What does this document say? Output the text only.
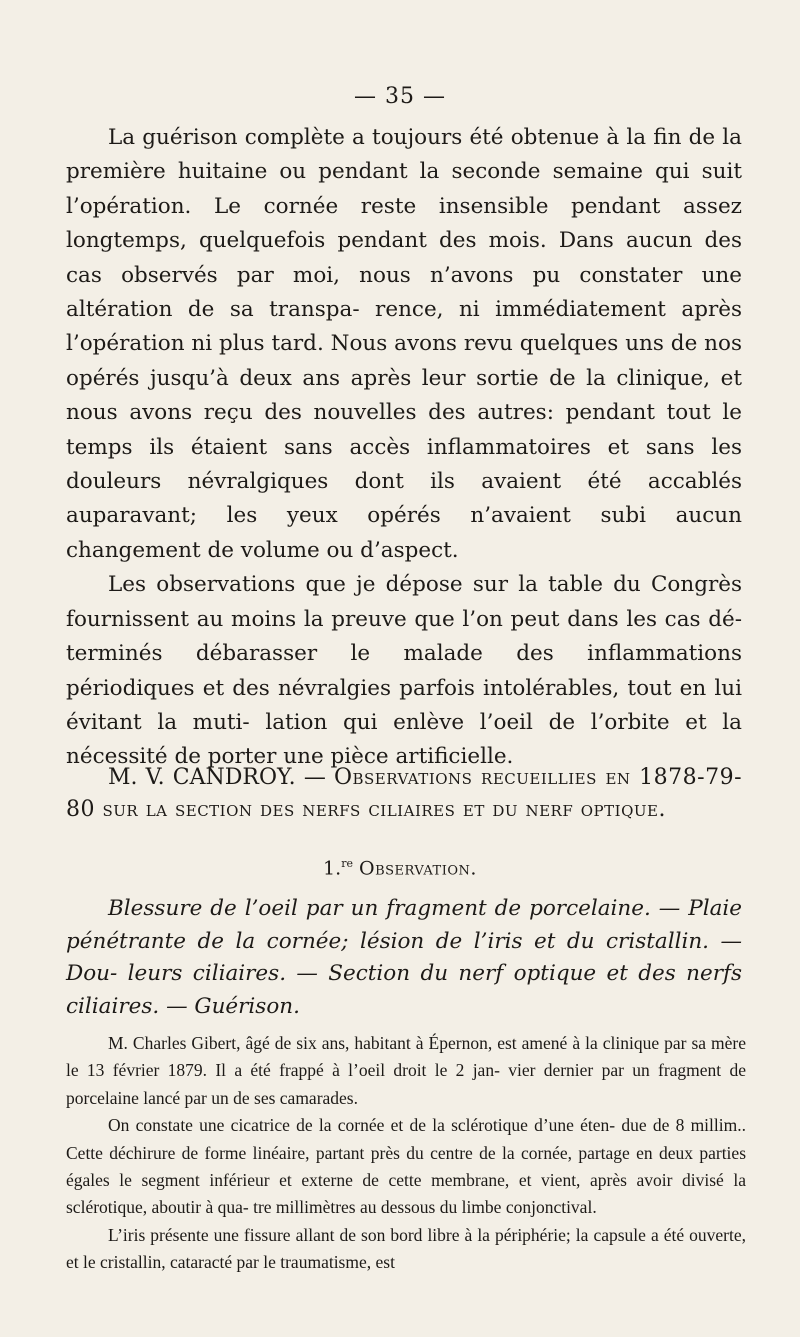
— 35 —

La guérison complète a toujours été obtenue à la fin de la première huitaine ou pendant la seconde semaine qui suit l’opération. Le cornée reste insensible pendant assez longtemps, quelquefois pendant des mois. Dans aucun des cas observés par moi, nous n’avons pu constater une altération de sa transpa- rence, ni immédiatement après l’opération ni plus tard. Nous avons revu quelques uns de nos opérés jusqu’à deux ans après leur sortie de la clinique, et nous avons reçu des nouvelles des autres: pendant tout le temps ils étaient sans accès inflammatoires et sans les douleurs névralgiques dont ils avaient été accablés auparavant; les yeux opérés n’avaient subi aucun changement de volume ou d’aspect.

Les observations que je dépose sur la table du Congrès fournissent au moins la preuve que l’on peut dans les cas dé- terminés débarasser le malade des inflammations périodiques et des névralgies parfois intolérables, tout en lui évitant la muti- lation qui enlève l’oeil de l’orbite et la nécessité de porter une pièce artificielle.

M. V. CANDROY. — Observations recueillies en 1878-79-80 sur la section des nerfs ciliaires et du nerf optique.
1.$^{re}$ Observation.
Blessure de l’oeil par un fragment de porcelaine. — Plaie pénétrante de la cornée; lésion de l’iris et du cristallin. — Dou- leurs ciliaires. — Section du nerf optique et des nerfs ciliaires. — Guérison.

M. Charles Gibert, âgé de six ans, habitant à Épernon, est amené à la clinique par sa mère le 13 février 1879. Il a été frappé à l’oeil droit le 2 jan- vier dernier par un fragment de porcelaine lancé par un de ses camarades.

On constate une cicatrice de la cornée et de la sclérotique d’une éten- due de 8 millim.. Cette déchirure de forme linéaire, partant près du centre de la cornée, partage en deux parties égales le segment inférieur et externe de cette membrane, et vient, après avoir divisé la sclérotique, aboutir à qua- tre millimètres au dessous du limbe conjonctival.

L’iris présente une fissure allant de son bord libre à la périphérie; la capsule a été ouverte, et le cristallin, cataracté par le traumatisme, est
